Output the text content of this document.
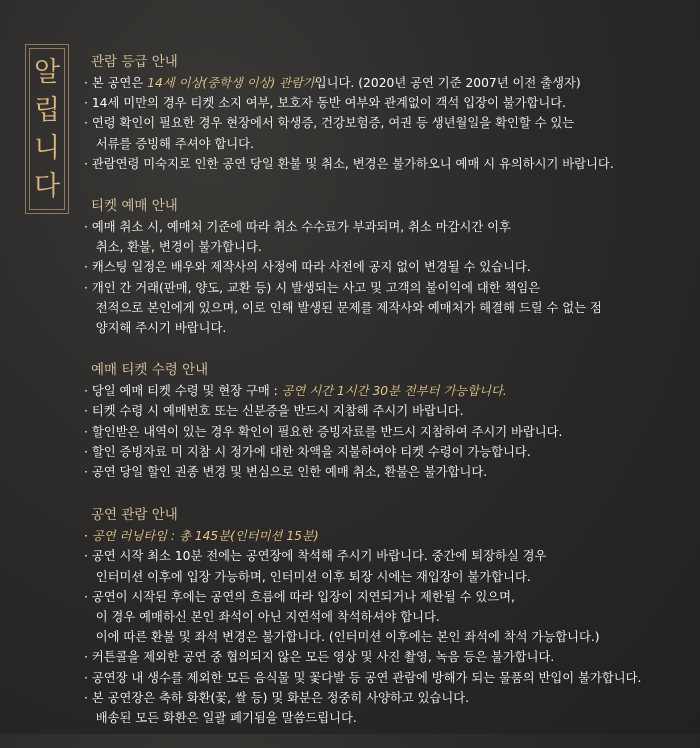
알
립
니
다
관람 등급 안내
· 본 공연은 14세 이상(중학생 이상) 관람가입니다. (2020년 공연 기준 2007년 이전 출생자)
· 14세 미만의 경우 티켓 소지 여부, 보호자 동반 여부와 관계없이 객석 입장이 불가합니다.
· 연령 확인이 필요한 경우 현장에서 학생증, 건강보험증, 여권 등 생년월일을 확인할 수 있는
서류를 증빙해 주셔야 합니다.
· 관람연령 미숙지로 인한 공연 당일 환불 및 취소, 변경은 불가하오니 예매 시 유의하시기 바랍니다.
티켓 예매 안내
· 예매 취소 시, 예매처 기준에 따라 취소 수수료가 부과되며, 취소 마감시간 이후
취소, 환불, 변경이 불가합니다.
· 캐스팅 일정은 배우와 제작사의 사정에 따라 사전에 공지 없이 변경될 수 있습니다.
· 개인 간 거래(판매, 양도, 교환 등) 시 발생되는 사고 및 고객의 불이익에 대한 책임은
전적으로 본인에게 있으며, 이로 인해 발생된 문제를 제작사와 예매처가 해결해 드릴 수 없는 점
양지해 주시기 바랍니다.
예매 티켓 수령 안내
· 당일 예매 티켓 수령 및 현장 구매 : 공연 시간 1시간 30분 전부터 가능합니다.
· 티켓 수령 시 예매번호 또는 신분증을 반드시 지참해 주시기 바랍니다.
· 할인받은 내역이 있는 경우 확인이 필요한 증빙자료를 반드시 지참하여 주시기 바랍니다.
· 할인 증빙자료 미 지참 시 정가에 대한 차액을 지불하여야 티켓 수령이 가능합니다.
· 공연 당일 할인 권종 변경 및 변심으로 인한 예매 취소, 환불은 불가합니다.
공연 관람 안내
· 공연 러닝타임 : 총 145분(인터미션 15분)
· 공연 시작 최소 10분 전에는 공연장에 착석해 주시기 바랍니다. 중간에 퇴장하실 경우
인터미션 이후에 입장 가능하며, 인터미션 이후 퇴장 시에는 재입장이 불가합니다.
· 공연이 시작된 후에는 공연의 흐름에 따라 입장이 지연되거나 제한될 수 있으며,
이 경우 예매하신 본인 좌석이 아닌 지연석에 착석하셔야 합니다.
이에 따른 환불 및 좌석 변경은 불가합니다. (인터미션 이후에는 본인 좌석에 착석 가능합니다.)
· 커튼콜을 제외한 공연 중 협의되지 않은 모든 영상 및 사진 촬영, 녹음 등은 불가합니다.
· 공연장 내 생수를 제외한 모든 음식물 및 꽃다발 등 공연 관람에 방해가 되는 물품의 반입이 불가합니다.
· 본 공연장은 축하 화환(꽃, 쌀 등) 및 화분은 정중히 사양하고 있습니다.
배송된 모든 화환은 일괄 폐기됨을 말씀드립니다.
